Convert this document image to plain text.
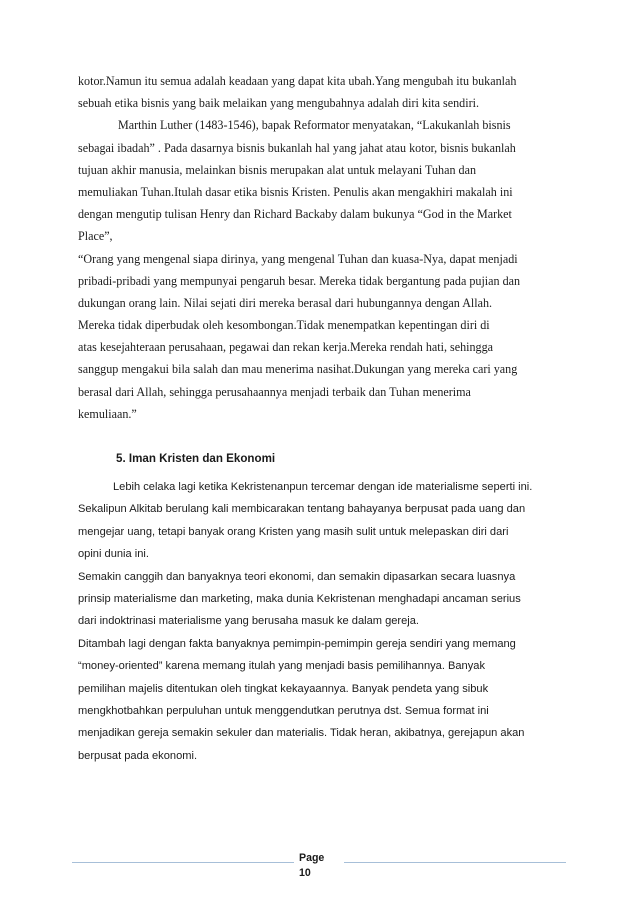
kotor.Namun itu semua adalah keadaan yang dapat kita ubah.Yang mengubah itu bukanlah
sebuah etika bisnis yang baik melaikan yang mengubahnya adalah diri kita sendiri.
Marthin Luther (1483-1546), bapak Reformator menyatakan, “Lakukanlah bisnis
sebagai ibadah” . Pada dasarnya bisnis bukanlah hal yang jahat atau kotor, bisnis bukanlah
tujuan akhir manusia, melainkan bisnis merupakan alat untuk melayani Tuhan dan
memuliakan Tuhan.Itulah dasar etika bisnis Kristen. Penulis akan mengakhiri makalah ini
dengan mengutip tulisan Henry dan Richard Backaby dalam bukunya “God in the Market
Place”,
“Orang yang mengenal siapa dirinya, yang mengenal Tuhan dan kuasa-Nya, dapat menjadi
pribadi-pribadi yang mempunyai pengaruh besar. Mereka tidak bergantung pada pujian dan
dukungan orang lain. Nilai sejati diri mereka berasal dari hubungannya dengan Allah.
Mereka tidak diperbudak oleh kesombongan.Tidak menempatkan kepentingan diri di
atas kesejahteraan perusahaan, pegawai dan rekan kerja.Mereka rendah hati, sehingga
sanggup mengakui bila salah dan mau menerima nasihat.Dukungan yang mereka cari yang
berasal dari Allah, sehingga perusahaannya menjadi terbaik dan Tuhan menerima
kemuliaan.”
5. Iman Kristen dan Ekonomi
Lebih celaka lagi ketika Kekristenanpun tercemar dengan ide materialisme seperti ini.
Sekalipun Alkitab berulang kali membicarakan tentang bahayanya berpusat pada uang dan
mengejar uang, tetapi banyak orang Kristen yang masih sulit untuk melepaskan diri dari
opini dunia ini.
Semakin canggih dan banyaknya teori ekonomi, dan semakin dipasarkan secara luasnya
prinsip materialisme dan marketing, maka dunia Kekristenan menghadapi ancaman serius
dari indoktrinasi materialisme yang berusaha masuk ke dalam gereja.
Ditambah lagi dengan fakta banyaknya pemimpin-pemimpin gereja sendiri yang memang
“money-oriented” karena memang itulah yang menjadi basis pemilihannya. Banyak
pemilihan majelis ditentukan oleh tingkat kekayaannya. Banyak pendeta yang sibuk
mengkhotbahkan perpuluhan untuk menggendutkan perutnya dst. Semua format ini
menjadikan gereja semakin sekuler dan materialis. Tidak heran, akibatnya, gerejapun akan
berpusat pada ekonomi.
Page
10
